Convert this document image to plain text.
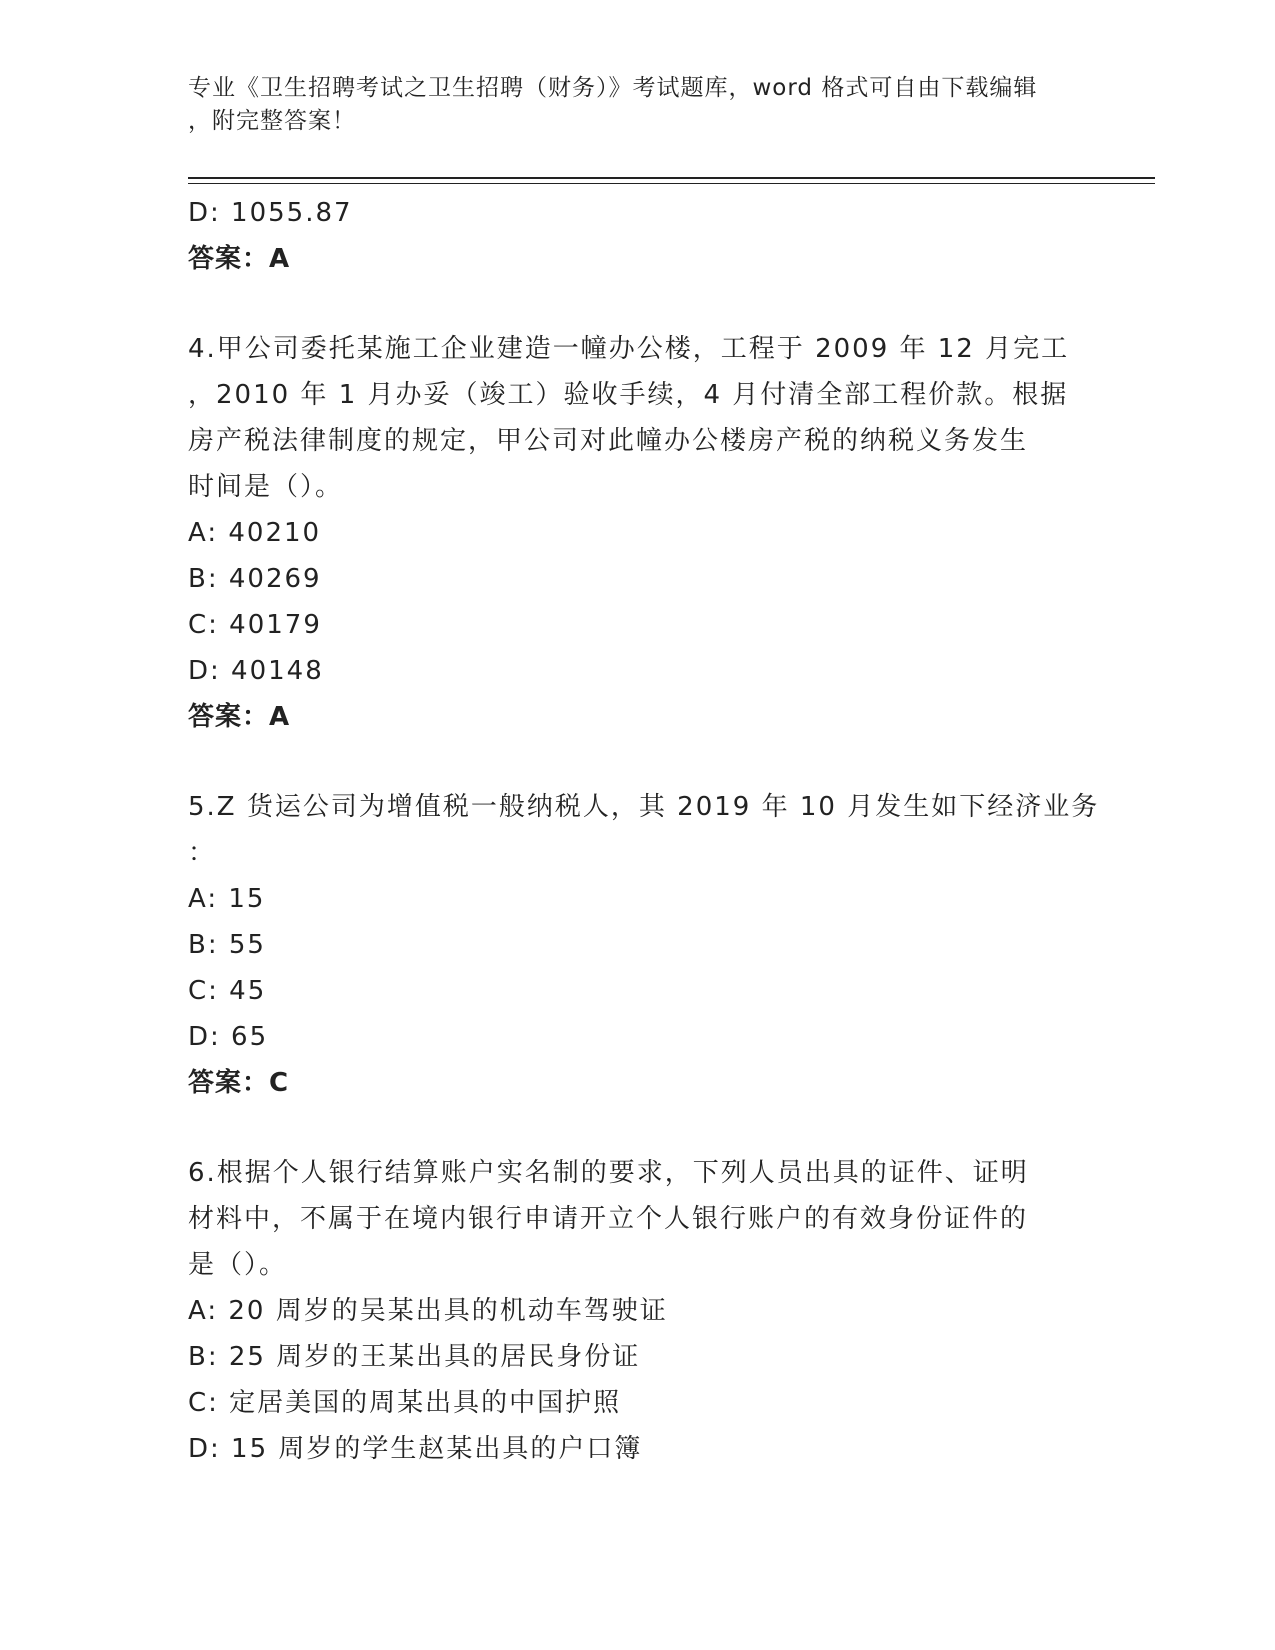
专业《卫生招聘考试之卫生招聘（财务）》考试题库，word 格式可自由下载编辑
，附完整答案！
D: 1055.87
答案：A
4.甲公司委托某施工企业建造一幢办公楼，工程于 2009 年 12 月完工
，2010 年 1 月办妥（竣工）验收手续，4 月付清全部工程价款。根据
房产税法律制度的规定，甲公司对此幢办公楼房产税的纳税义务发生
时间是（）。
A: 40210
B: 40269
C: 40179
D: 40148
答案：A
5.Z 货运公司为增值税一般纳税人，其 2019 年 10 月发生如下经济业务
：
A: 15
B: 55
C: 45
D: 65
答案：C
6.根据个人银行结算账户实名制的要求，下列人员出具的证件、证明
材料中，不属于在境内银行申请开立个人银行账户的有效身份证件的
是（）。
A: 20 周岁的吴某出具的机动车驾驶证
B: 25 周岁的王某出具的居民身份证
C: 定居美国的周某出具的中国护照
D: 15 周岁的学生赵某出具的户口簿
